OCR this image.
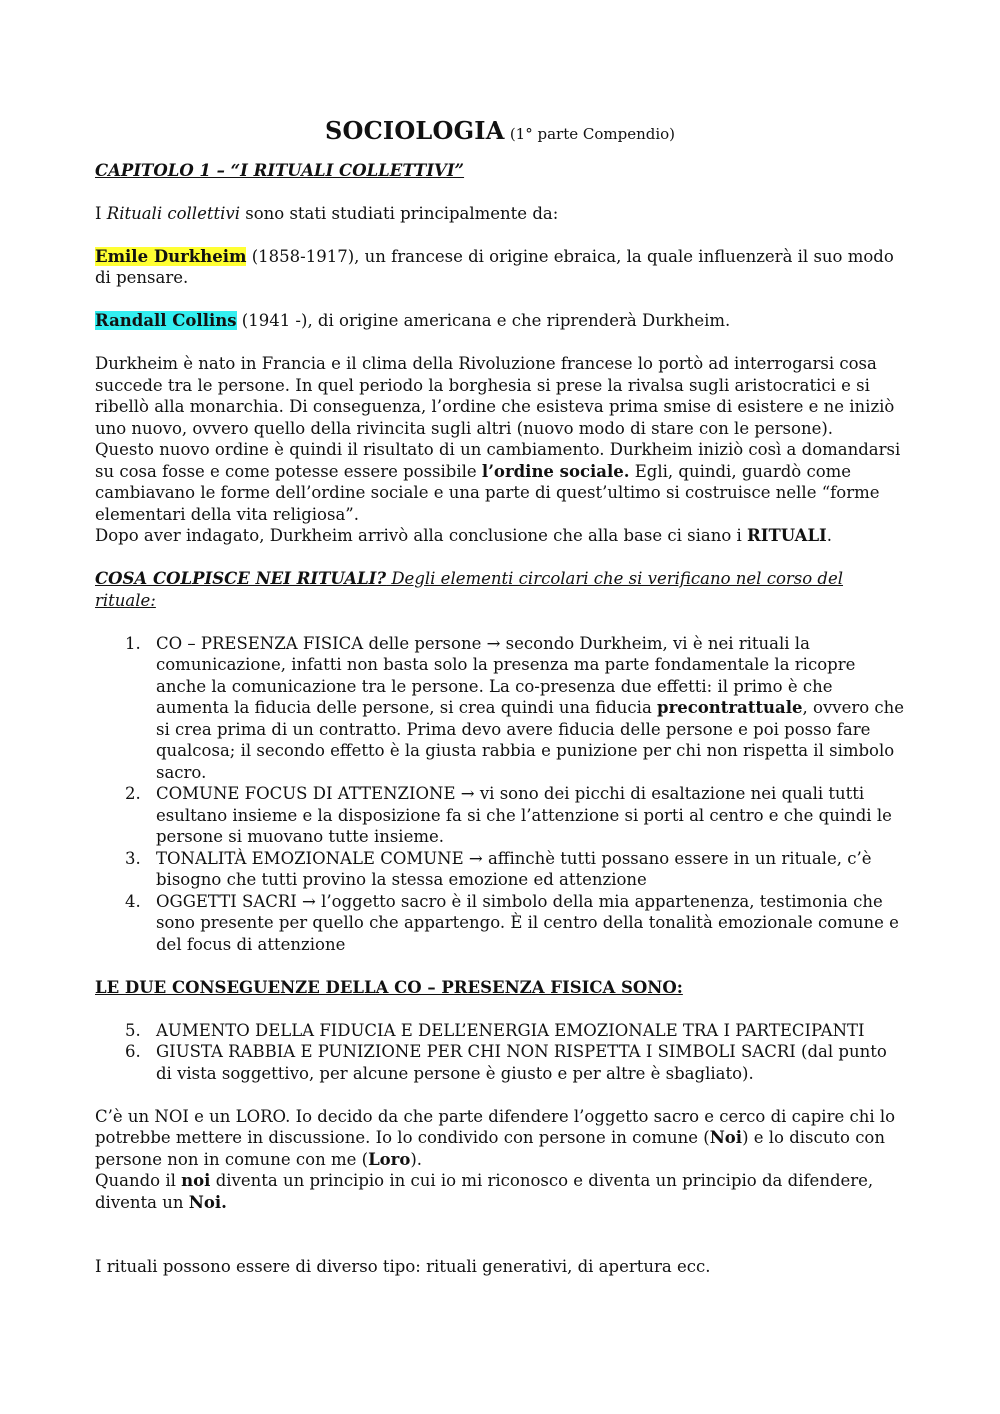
SOCIOLOGIA (1° parte Compendio)

CAPITOLO 1 – “I RITUALI COLLETTIVI”

I Rituali collettivi sono stati studiati principalmente da:

Emile Durkheim (1858-1917), un francese di origine ebraica, la quale influenzerà il suo modo di pensare.

Randall Collins (1941 -), di origine americana e che riprenderà Durkheim.

Durkheim è nato in Francia e il clima della Rivoluzione francese lo portò ad interrogarsi cosa succede tra le persone. In quel periodo la borghesia si prese la rivalsa sugli aristocratici e si ribellò alla monarchia. Di conseguenza, l’ordine che esisteva prima smise di esistere e ne iniziò uno nuovo, ovvero quello della rivincita sugli altri (nuovo modo di stare con le persone).

Questo nuovo ordine è quindi il risultato di un cambiamento. Durkheim iniziò così a domandarsi su cosa fosse e come potesse essere possibile l’ordine sociale. Egli, quindi, guardò come cambiavano le forme dell’ordine sociale e una parte di quest’ultimo si costruisce nelle “forme elementari della vita religiosa”.

Dopo aver indagato, Durkheim arrivò alla conclusione che alla base ci siano i RITUALI.

COSA COLPISCE NEI RITUALI? Degli elementi circolari che si verificano nel corso del rituale:

1. CO – PRESENZA FISICA delle persone → secondo Durkheim, vi è nei rituali la comunicazione, infatti non basta solo la presenza ma parte fondamentale la ricopre anche la comunicazione tra le persone. La co-presenza due effetti: il primo è che aumenta la fiducia delle persone, si crea quindi una fiducia precontrattuale, ovvero che si crea prima di un contratto. Prima devo avere fiducia delle persone e poi posso fare qualcosa; il secondo effetto è la giusta rabbia e punizione per chi non rispetta il simbolo sacro.
2. COMUNE FOCUS DI ATTENZIONE → vi sono dei picchi di esaltazione nei quali tutti esultano insieme e la disposizione fa si che l’attenzione si porti al centro e che quindi le persone si muovano tutte insieme.
3. TONALITÀ EMOZIONALE COMUNE → affinchè tutti possano essere in un rituale, c’è bisogno che tutti provino la stessa emozione ed attenzione
4. OGGETTI SACRI → l’oggetto sacro è il simbolo della mia appartenenza, testimonia che sono presente per quello che appartengo. È il centro della tonalità emozionale comune e del focus di attenzione

LE DUE CONSEGUENZE DELLA CO – PRESENZA FISICA SONO:

5. AUMENTO DELLA FIDUCIA E DELL’ENERGIA EMOZIONALE TRA I PARTECIPANTI
6. GIUSTA RABBIA E PUNIZIONE PER CHI NON RISPETTA I SIMBOLI SACRI (dal punto di vista soggettivo, per alcune persone è giusto e per altre è sbagliato).

C’è un NOI e un LORO. Io decido da che parte difendere l’oggetto sacro e cerco di capire chi lo potrebbe mettere in discussione. Io lo condivido con persone in comune (Noi) e lo discuto con persone non in comune con me (Loro).

Quando il noi diventa un principio in cui io mi riconosco e diventa un principio da difendere, diventa un Noi.

I rituali possono essere di diverso tipo: rituali generativi, di apertura ecc.
